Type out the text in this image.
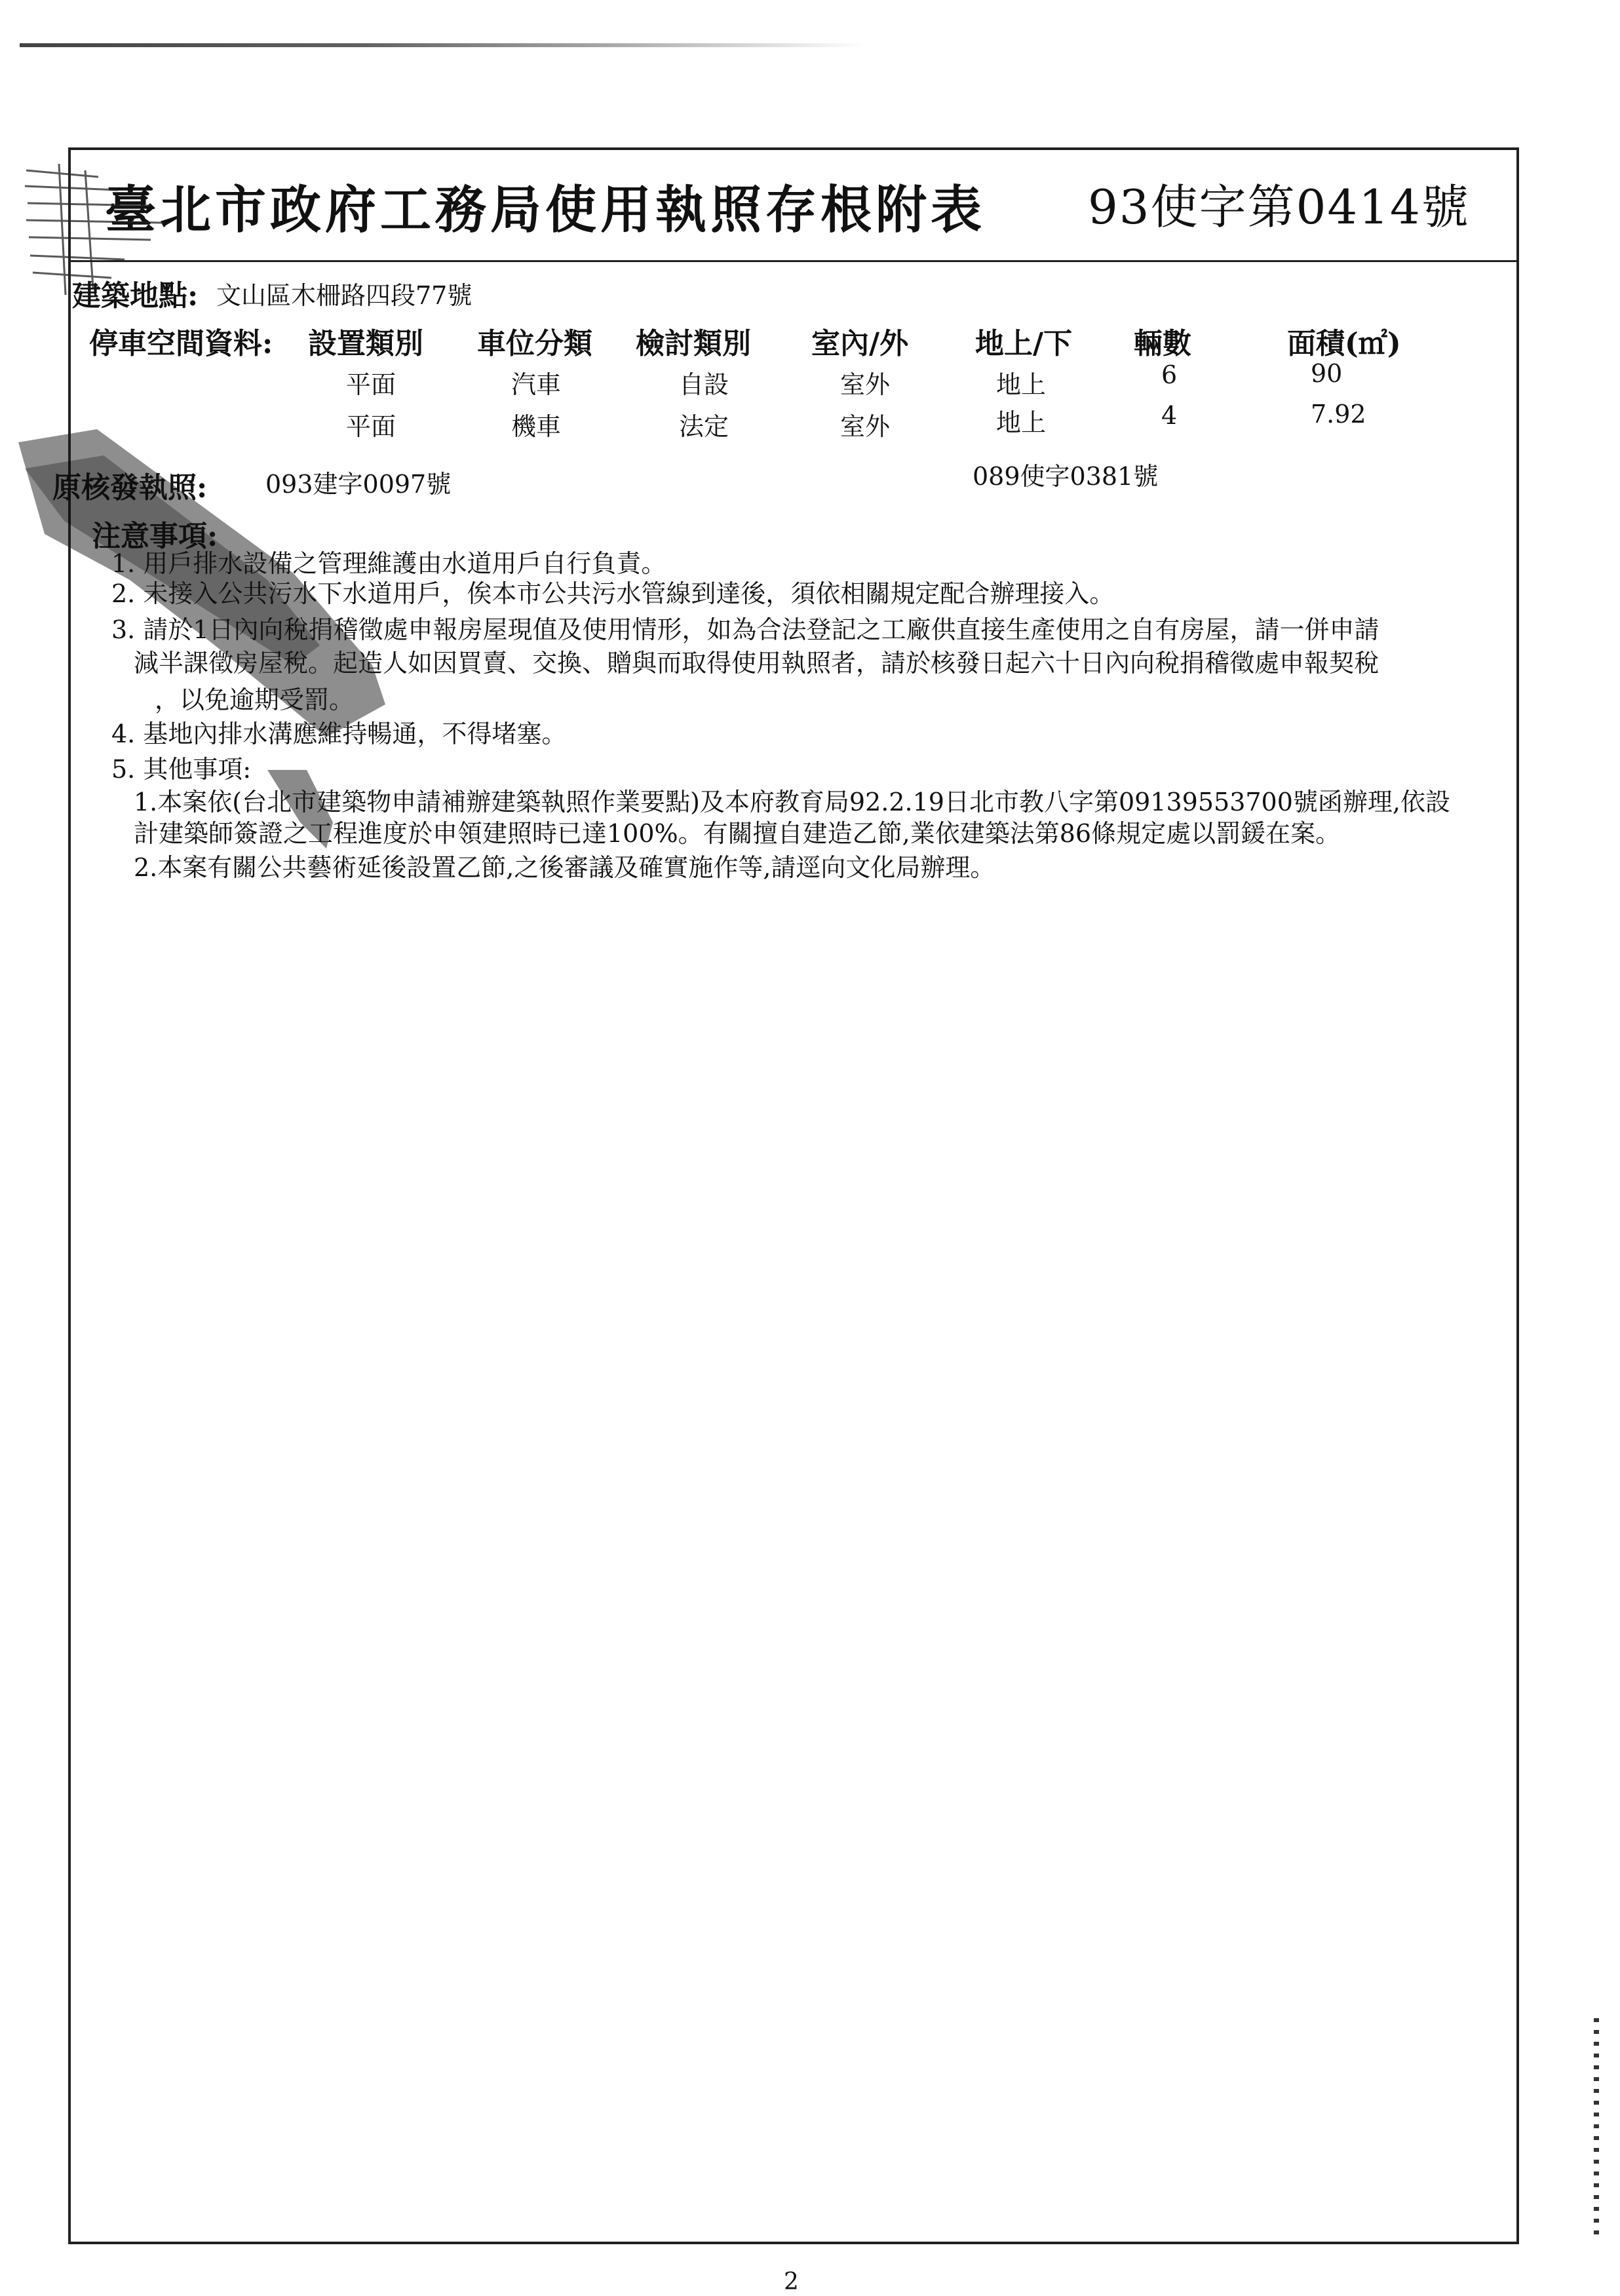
臺北市政府工務局使用執照存根附表 93使字第0414號
建築地點: 文山區木柵路四段77號
停車空間資料: 設置類別 車位分類 檢討類別 室內/外 地上/下 輛數	面積(㎡)
平面	汽車	自設	室外	地上	6	90
平面	機車	法定	室外	地上	4	7.92
原核發執照: 093建字0097號	089使字0381號
注意事項:
1. 用戶排水設備之管理維護由水道用戶自行負責。
2. 未接入公共污水下水道用戶，俟本市公共污水管線到達後，須依相關規定配合辦理接入。
3. 請於1日內向稅捐稽徵處申報房屋現值及使用情形，如為合法登記之工廠供直接生產使用之自有房屋，請一併申請
減半課徵房屋稅。起造人如因買賣、交換、贈與而取得使用執照者，請於核發日起六十日內向稅捐稽徵處申報契稅
，以免逾期受罰。
4. 基地內排水溝應維持暢通，不得堵塞。
5. 其他事項:
1.本案依(台北市建築物申請補辦建築執照作業要點)及本府教育局92.2.19日北市教八字第09139553700號函辦理,依設
計建築師簽證之工程進度於申領建照時已達100%。有關擅自建造乙節,業依建築法第86條規定處以罰鍰在案。
2.本案有關公共藝術延後設置乙節,之後審議及確實施作等,請逕向文化局辦理。
2
